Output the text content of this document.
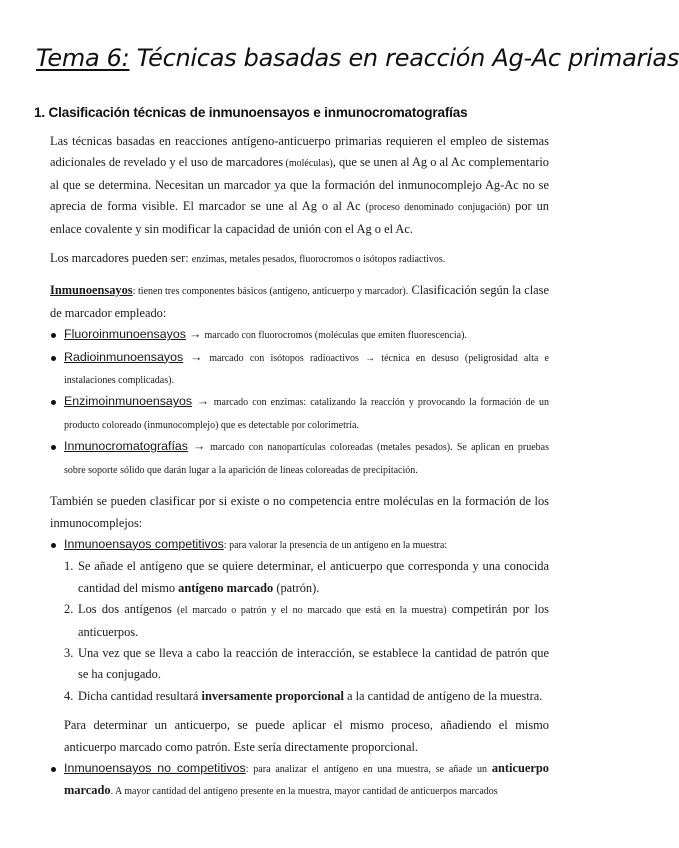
Tema 6: Técnicas basadas en reacción Ag-Ac primarias
1. Clasificación técnicas de inmunoensayos e inmunocromatografías

Las técnicas basadas en reacciones antígeno-anticuerpo primarias requieren el empleo de sistemas adicionales de revelado y el uso de marcadores (moléculas), que se unen al Ag o al Ac complementario al que se determina. Necesitan un marcador ya que la formación del inmunocomplejo Ag-Ac no se aprecia de forma visible. El marcador se une al Ag o al Ac (proceso denominado conjugación) por un enlace covalente y sin modificar la capacidad de unión con el Ag o el Ac.

Los marcadores pueden ser: enzimas, metales pesados, fluorocromos o isótopos radiactivos.

Inmunoensayos: tienen tres componentes básicos (antígeno, anticuerpo y marcador). Clasificación según la clase de marcador empleado:

Fluoroinmunoensayos → marcado con fluorocromos (moléculas que emiten fluorescencia).
Radioinmunoensayos → marcado con isótopos radioactivos → técnica en desuso (peligrosidad alta e instalaciones complicadas).
Enzimoinmunoensayos → marcado con enzimas: catalizando la reacción y provocando la formación de un producto coloreado (inmunocomplejo) que es detectable por colorimetría.
Inmunocromatografías → marcado con nanopartículas coloreadas (metales pesados). Se aplican en pruebas sobre soporte sólido que darán lugar a la aparición de líneas coloreadas de precipitación.

También se pueden clasificar por si existe o no competencia entre moléculas en la formación de los inmunocomplejos:

Inmunoensayos competitivos: para valorar la presencia de un antígeno en la muestra:
1. Se añade el antígeno que se quiere determinar, el anticuerpo que corresponda y una conocida cantidad del mismo antígeno marcado (patrón).
2. Los dos antígenos (el marcado o patrón y el no marcado que está en la muestra) competirán por los anticuerpos.
3. Una vez que se lleva a cabo la reacción de interacción, se establece la cantidad de patrón que se ha conjugado.
4. Dicha cantidad resultará inversamente proporcional a la cantidad de antígeno de la muestra.

Para determinar un anticuerpo, se puede aplicar el mismo proceso, añadiendo el mismo anticuerpo marcado como patrón. Este sería directamente proporcional.

Inmunoensayos no competitivos: para analizar el antígeno en una muestra, se añade un anticuerpo marcado. A mayor cantidad del antígeno presente en la muestra, mayor cantidad de anticuerpos marcados
